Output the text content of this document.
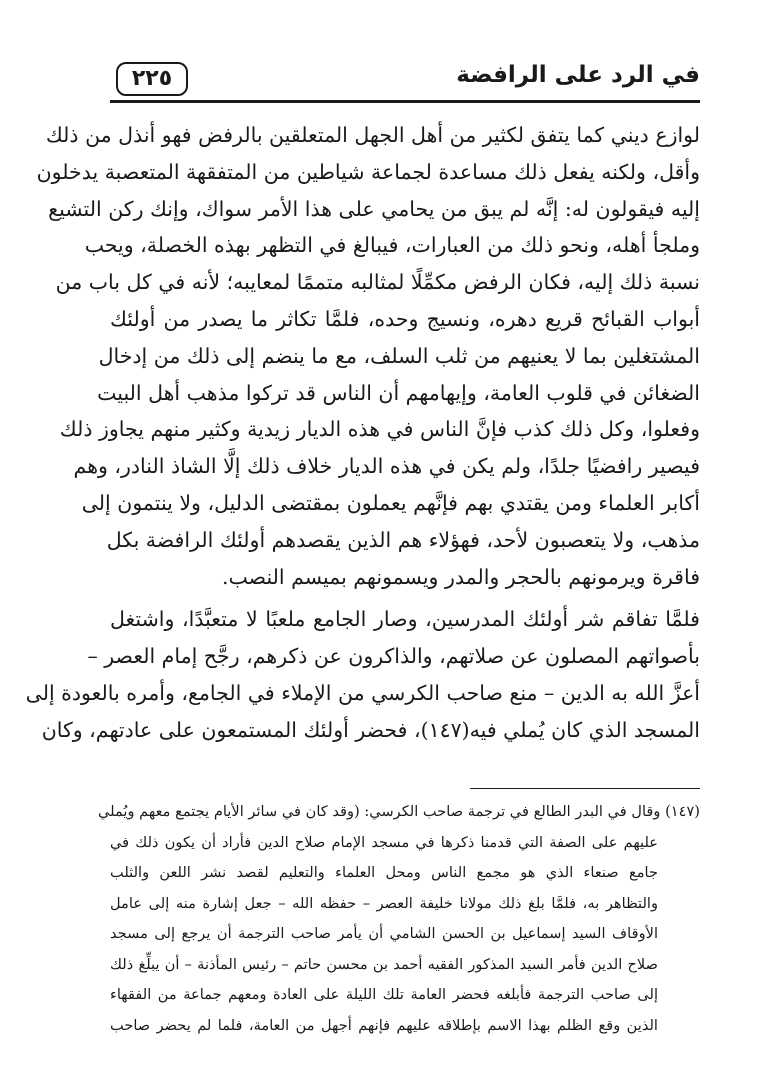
في الرد على الرافضة
٢٢٥
لوازع ديني كما يتفق لكثير من أهل الجهل المتعلقين بالرفض فهو أنذل من ذلك
وأقل، ولكنه يفعل ذلك مساعدة لجماعة شياطين من المتفقهة المتعصبة يدخلون
إليه فيقولون له: إنَّه لم يبق من يحامي على هذا الأمر سواك، وإنك ركن التشيع
وملجأ أهله، ونحو ذلك من العبارات، فيبالغ في التظهر بهذه الخصلة، ويحب
نسبة ذلك إليه، فكان الرفض مكمِّلًا لمثالبه متممًا لمعايبه؛ لأنه في كل باب من
أبواب القبائح قريع دهره، ونسيج وحده، فلمَّا تكاثر ما يصدر من أولئك
المشتغلين بما لا يعنيهم من ثلب السلف، مع ما ينضم إلى ذلك من إدخال
الضغائن في قلوب العامة، وإيهامهم أن الناس قد تركوا مذهب أهل البيت
وفعلوا، وكل ذلك كذب فإنَّ الناس في هذه الديار زيدية وكثير منهم يجاوز ذلك
فيصير رافضيًا جلدًا، ولم يكن في هذه الديار خلاف ذلك إلَّا الشاذ النادر، وهم
أكابر العلماء ومن يقتدي بهم فإنَّهم يعملون بمقتضى الدليل، ولا ينتمون إلى
مذهب، ولا يتعصبون لأحد، فهؤلاء هم الذين يقصدهم أولئك الرافضة بكل
فاقرة ويرمونهم بالحجر والمدر ويسمونهم بميسم النصب.
فلمَّا تفاقم شر أولئك المدرسين، وصار الجامع ملعبًا لا متعبَّدًا، واشتغل
بأصواتهم المصلون عن صلاتهم، والذاكرون عن ذكرهم، رجَّح إمام العصر –
أعزَّ الله به الدين – منع صاحب الكرسي من الإملاء في الجامع، وأمره بالعودة إلى
المسجد الذي كان يُملي فيه(١٤٧)، فحضر أولئك المستمعون على عادتهم، وكان
(١٤٧) وقال في البدر الطالع في ترجمة صاحب الكرسي: (وقد كان في سائر الأيام يجتمع معهم ويُملي
عليهم على الصفة التي قدمنا ذكرها في مسجد الإمام صلاح الدين فأراد أن يكون ذلك في
جامع صنعاء الذي هو مجمع الناس ومحل العلماء والتعليم لقصد نشر اللعن والثلب
والتظاهر به، فلمَّا بلغ ذلك مولانا خليفة العصر – حفظه الله – جعل إشارة منه إلى عامل
الأوقاف السيد إسماعيل بن الحسن الشامي أن يأمر صاحب الترجمة أن يرجع إلى مسجد
صلاح الدين فأمر السيد المذكور الفقيه أحمد بن محسن حاتم – رئيس المأذنة – أن يبلِّغ ذلك
إلى صاحب الترجمة فأبلغه فحضر العامة تلك الليلة على العادة ومعهم جماعة من الفقهاء
الذين وقع الظلم بهذا الاسم بإطلاقه عليهم فإنهم أجهل من العامة، فلما لم يحضر صاحب
